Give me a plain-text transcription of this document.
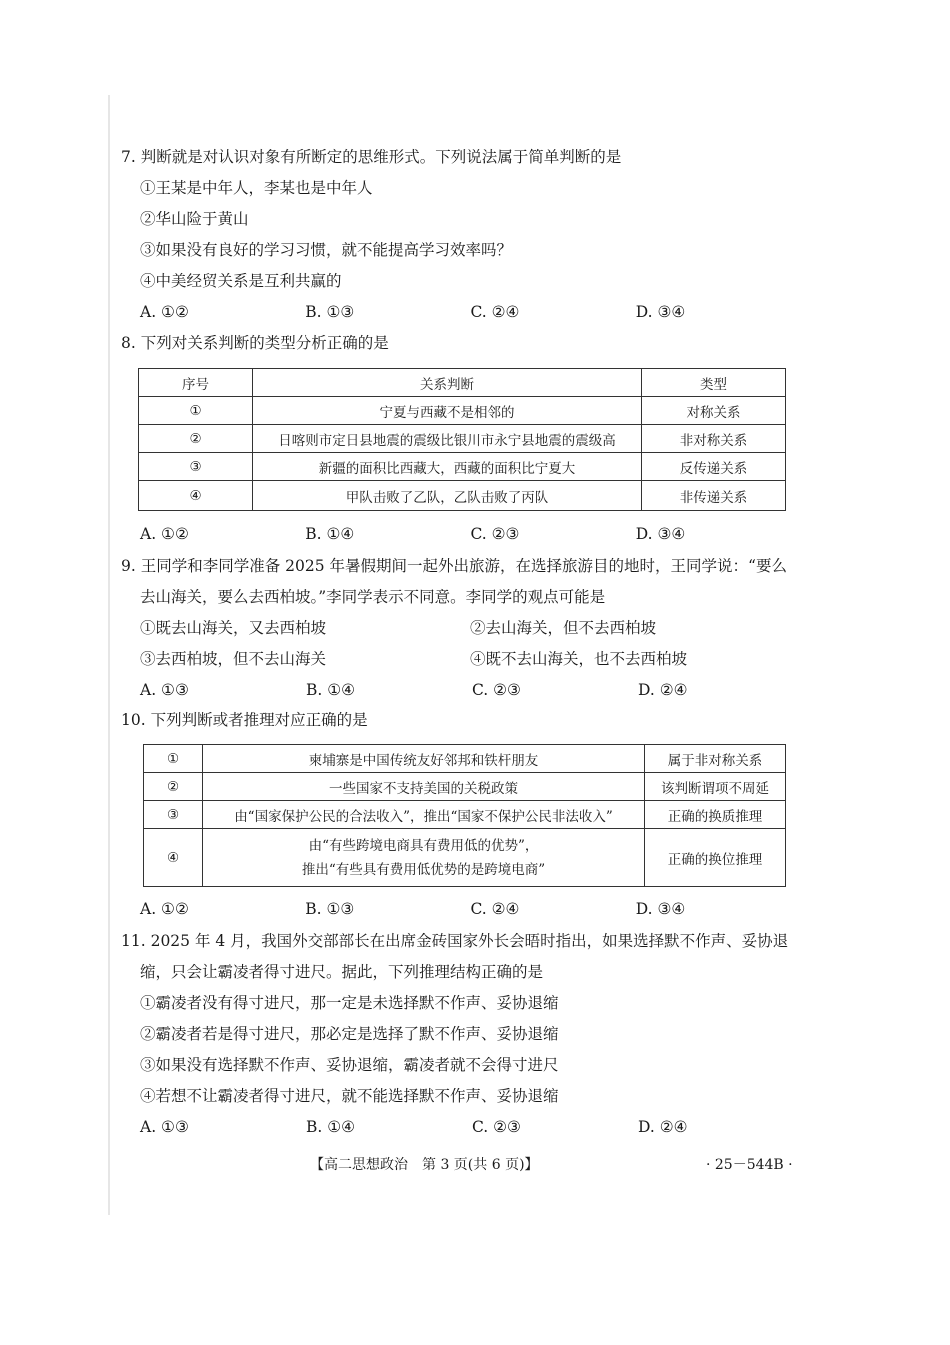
7. 判断就是对认识对象有所断定的思维形式。下列说法属于简单判断的是
①王某是中年人，李某也是中年人
②华山险于黄山
③如果没有良好的学习习惯，就不能提高学习效率吗？
④中美经贸关系是互利共赢的
A. ①②	B. ①③	C. ②④	D. ③④
8. 下列对关系判断的类型分析正确的是
序号	关系判断	类型
①	宁夏与西藏不是相邻的	对称关系
②	日喀则市定日县地震的震级比银川市永宁县地震的震级高	非对称关系
③	新疆的面积比西藏大，西藏的面积比宁夏大	反传递关系
④	甲队击败了乙队，乙队击败了丙队	非传递关系
A. ①②	B. ①④	C. ②③	D. ③④
9. 王同学和李同学准备 2025 年暑假期间一起外出旅游，在选择旅游目的地时，王同学说：“要么
去山海关，要么去西柏坡。”李同学表示不同意。李同学的观点可能是
①既去山海关，又去西柏坡	②去山海关，但不去西柏坡
③去西柏坡，但不去山海关	④既不去山海关，也不去西柏坡
A. ①③	B. ①④	C. ②③	D. ②④
10. 下列判断或者推理对应正确的是
①	柬埔寨是中国传统友好邻邦和铁杆朋友	属于非对称关系
②	一些国家不支持美国的关税政策	该判断谓项不周延
③	由“国家保护公民的合法收入”，推出“国家不保护公民非法收入”	正确的换质推理
④	由“有些跨境电商具有费用低的优势”，
推出“有些具有费用低优势的是跨境电商”	正确的换位推理
A. ①②	B. ①③	C. ②④	D. ③④
11. 2025 年 4 月，我国外交部部长在出席金砖国家外长会晤时指出，如果选择默不作声、妥协退
缩，只会让霸凌者得寸进尺。据此，下列推理结构正确的是
①霸凌者没有得寸进尺，那一定是未选择默不作声、妥协退缩
②霸凌者若是得寸进尺，那必定是选择了默不作声、妥协退缩
③如果没有选择默不作声、妥协退缩，霸凌者就不会得寸进尺
④若想不让霸凌者得寸进尺，就不能选择默不作声、妥协退缩
A. ①③	B. ①④	C. ②③	D. ②④
【高二思想政治　第 3 页(共 6 页)】	· 25－544B ·
